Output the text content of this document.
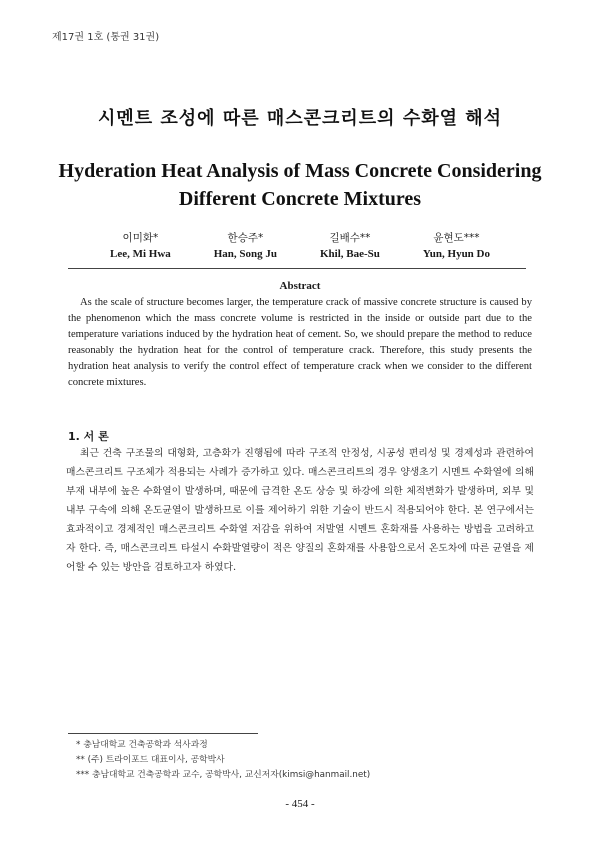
제17권 1호 (통권 31권)
시멘트 조성에 따른 매스콘크리트의 수화열 해석
Hyderation Heat Analysis of Mass Concrete Considering
Different Concrete Mixtures
이미화*
Lee, Mi Hwa
한승주*
Han, Song Ju
길배수**
Khil, Bae-Su
윤현도***
Yun, Hyun Do
Abstract

As the scale of structure becomes larger, the temperature crack of massive concrete structure is caused by the phenomenon which the mass concrete volume is restricted in the inside or outside part due to the temperature variations induced by the hydration heat of cement. So, we should prepare the method to reduce reasonably the hydration heat for the control of temperature crack. Therefore, this study presents the hydration heat analysis to verify the control effect of temperature crack when we consider to the different concrete mixtures.

1. 서 론

최근 건축 구조물의 대형화, 고층화가 진행됨에 따라 구조적 안정성, 시공성 편리성 및 경제성과 관련하여 매스콘크리트 구조체가 적용되는 사례가 증가하고 있다. 매스콘크리트의 경우 양생초기 시멘트 수화열에 의해 부재 내부에 높은 수화열이 발생하며, 때문에 급격한 온도 상승 및 하강에 의한 체적변화가 발생하며, 외부 및 내부 구속에 의해 온도균열이 발생하므로 이를 제어하기 위한 기술이 반드시 적용되어야 한다. 본 연구에서는 효과적이고 경제적인 매스콘크리트 수화열 저감을 위하여 저발열 시멘트 혼화재를 사용하는 방법을 고려하고자 한다. 즉, 매스콘크리트 타설시 수화발열량이 적은 양질의 혼화재를 사용함으로서 온도차에 따른 균열을 제어할 수 있는 방안을 검토하고자 하였다.

* 충남대학교 건축공학과 석사과정
** (주) 트라이포드 대표이사, 공학박사
*** 충남대학교 건축공학과 교수, 공학박사, 교신저자(kimsi@hanmail.net)
- 454 -
